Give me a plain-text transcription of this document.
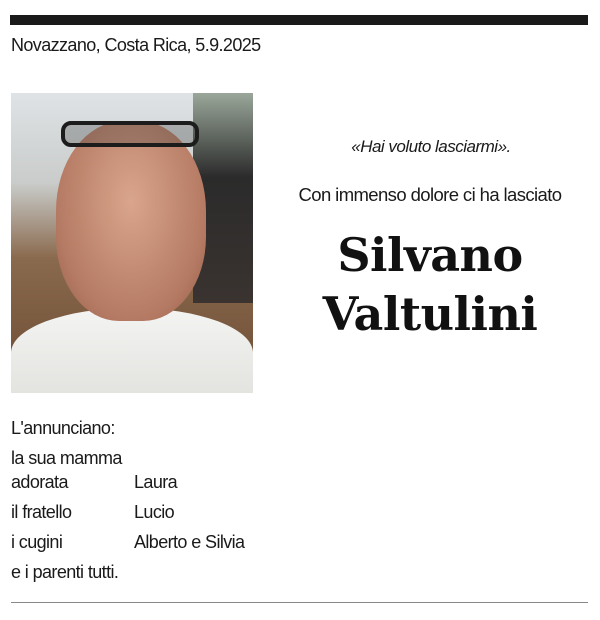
Novazzano, Costa Rica, 5.9.2025
«Hai voluto lasciarmi».
Con immenso dolore ci ha lasciato
Silvano
Valtulini
L'annunciano:
la sua mamma
adorata	Laura
il fratello	Lucio
i cugini	Alberto e Silvia
e i parenti tutti.
